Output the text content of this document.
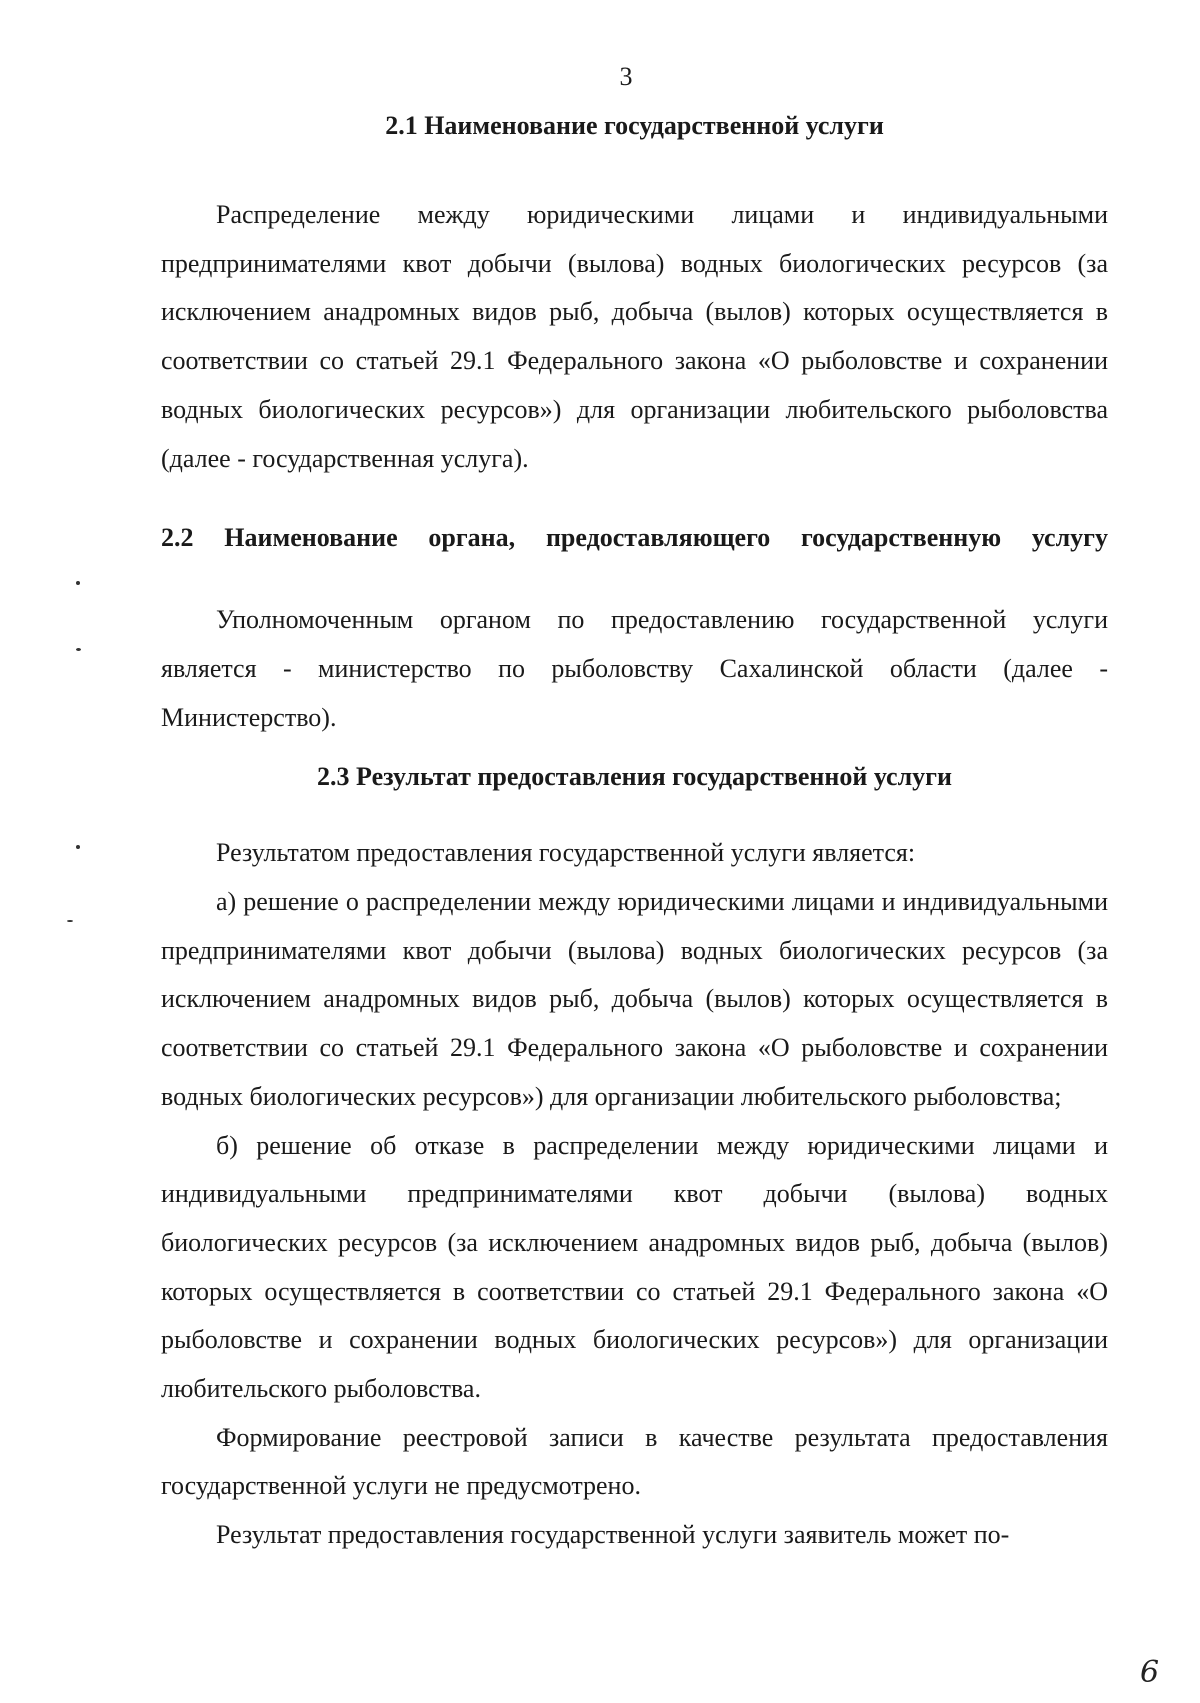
3
2.1 Наименование государственной услуги

Распределение между юридическими лицами и индивидуальными предпринимателями квот добычи (вылова) водных биологических ресурсов (за исключением анадромных видов рыб, добыча (вылов) которых осуществляется в соответствии со статьей 29.1 Федерального закона «О рыболовстве и сохранении водных биологических ресурсов») для организации любительского рыболовства (далее - государственная услуга).

2.2 Наименование органа, предоставляющего государственную услугу

Уполномоченным органом по предоставлению государственной услуги является - министерство по рыболовству Сахалинской области (далее - Министерство).

2.3 Результат предоставления государственной услуги

Результатом предоставления государственной услуги является:

а) решение о распределении между юридическими лицами и индивидуальными предпринимателями квот добычи (вылова) водных биологических ресурсов (за исключением анадромных видов рыб, добыча (вылов) которых осуществляется в соответствии со статьей 29.1 Федерального закона «О рыболовстве и сохранении водных биологических ресурсов») для организации любительского рыболовства;

б) решение об отказе в распределении между юридическими лицами и индивидуальными предпринимателями квот добычи (вылова) водных биологических ресурсов (за исключением анадромных видов рыб, добыча (вылов) которых осуществляется в соответствии со статьей 29.1 Федерального закона «О рыболовстве и сохранении водных биологических ресурсов») для организации любительского рыболовства.

Формирование реестровой записи в качестве результата предоставления государственной услуги не предусмотрено.

Результат предоставления государственной услуги заявитель может по-

6
